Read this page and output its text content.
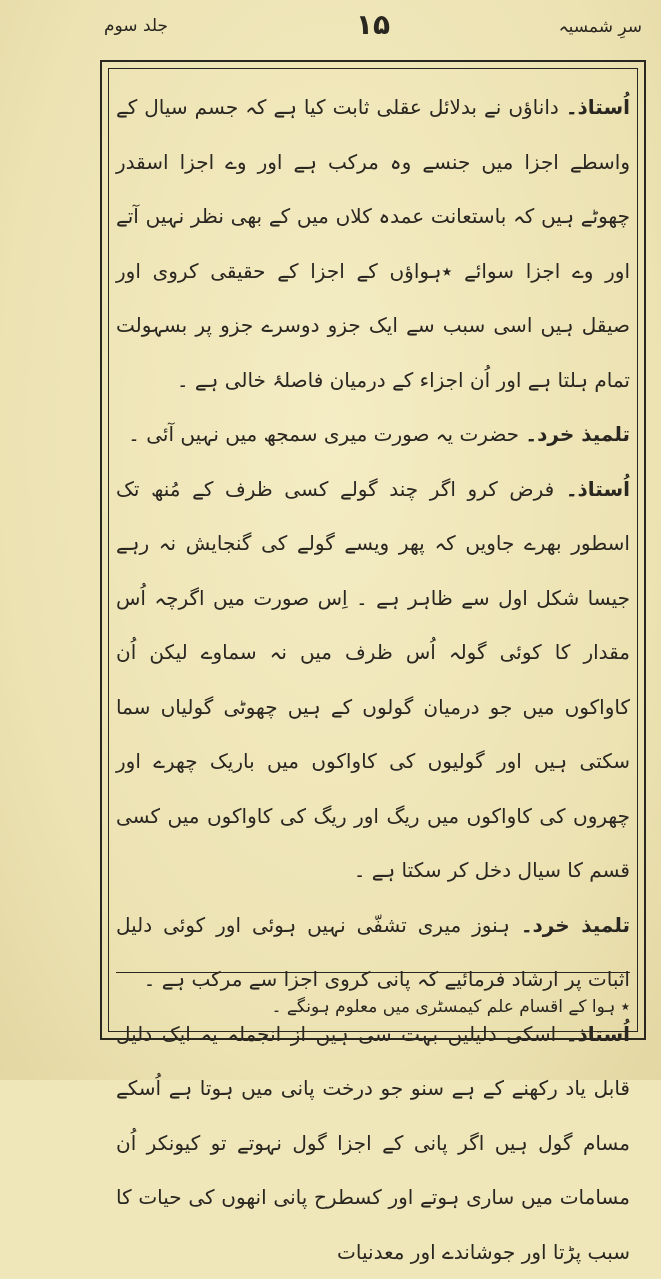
سرِ شمسیہ
۱۵
جلد سوم

اُستاذ۔ داناؤں نے بدلائل عقلی ثابت کیا ہے کہ جسم سیال کے واسطے اجزا میں جنسے وہ مرکب ہے اور وے اجزا اسقدر چھوٹے ہیں کہ باستعانت عمدہ کلاں میں کے بھی نظر نہیں آتے اور وے اجزا سوائے ٭ہواؤں کے اجزا کے حقیقی کروی اور صیقل ہیں اسی سبب سے ایک جزو دوسرے جزو پر بسہولت تمام ہلتا ہے اور اُن اجزاء کے درمیان فاصلۂ خالی ہے ۔

تلمیذ خرد۔ حضرت یہ صورت میری سمجھ میں نہیں آئی ۔

اُستاذ۔ فرض کرو اگر چند گولے کسی ظرف کے مُنھ تک اسطور بھرے جاویں کہ پھر ویسے گولے کی گنجایش نہ رہے جیسا شکل اول سے ظاہر ہے ۔ اِس صورت میں اگرچہ اُس مقدار کا کوئی گولہ اُس ظرف میں نہ سماوے لیکن اُن کاواکوں میں جو درمیان گولوں کے ہیں چھوٹی گولیاں سما سکتی ہیں اور گولیوں کی کاواکوں میں باریک چھرے اور چھروں کی کاواکوں میں ریگ اور ریگ کی کاواکوں میں کسی قسم کا سیال دخل کر سکتا ہے ۔

تلمیذ خرد۔ ہنوز میری تشفّی نہیں ہوئی اور کوئی دلیل اثبات پر ارشاد فرمائیے کہ پانی کروی اجزا سے مرکب ہے ۔

اُستاذ۔ اسکی دلیلیں بہت سی ہیں از انجملہ یہ ایک دلیل قابل یاد رکھنے کے ہے سنو جو درخت پانی میں ہوتا ہے اُسکے مسام گول ہیں اگر پانی کے اجزا گول نہوتے تو کیونکر اُن مسامات میں ساری ہوتے اور کسطرح پانی انھوں کی حیات کا سبب پڑتا اور جوشاندے اور معدنیات

٭ ہوا کے اقسام علم کیمسٹری میں معلوم ہونگے ۔
